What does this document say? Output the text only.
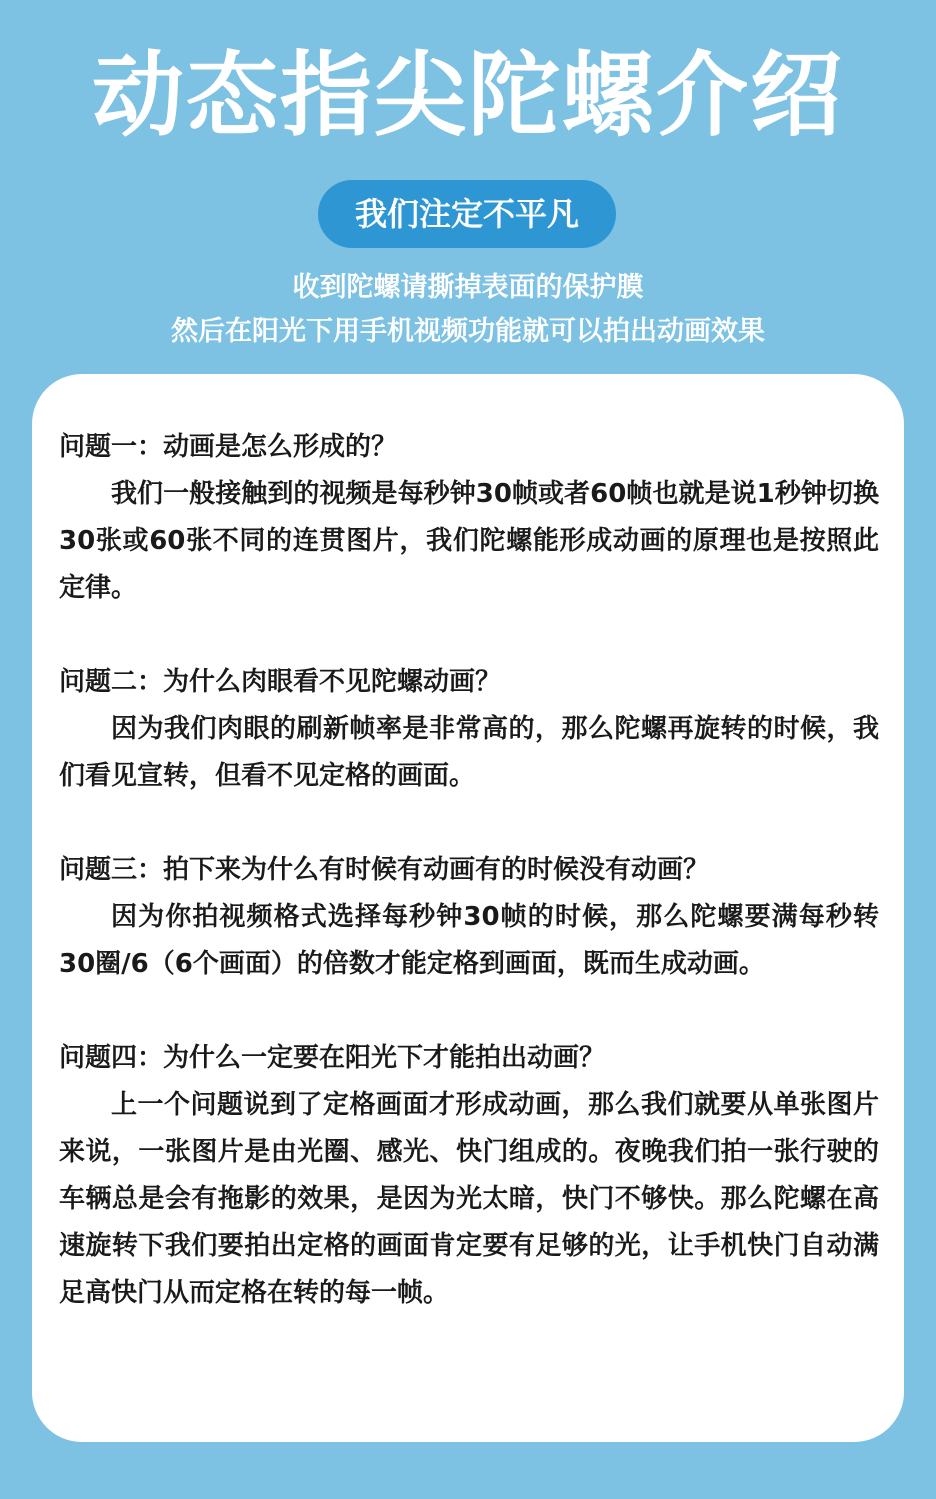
动态指尖陀螺介绍
我们注定不平凡
收到陀螺请撕掉表面的保护膜
然后在阳光下用手机视频功能就可以拍出动画效果

问题一：动画是怎么形成的？

我们一般接触到的视频是每秒钟30帧或者60帧也就是说1秒钟切换30张或60张不同的连贯图片，我们陀螺能形成动画的原理也是按照此定律。

问题二：为什么肉眼看不见陀螺动画？

因为我们肉眼的刷新帧率是非常高的，那么陀螺再旋转的时候，我们看见宣转，但看不见定格的画面。

问题三：拍下来为什么有时候有动画有的时候没有动画？

因为你拍视频格式选择每秒钟30帧的时候，那么陀螺要满每秒转30圈/6（6个画面）的倍数才能定格到画面，既而生成动画。

问题四：为什么一定要在阳光下才能拍出动画？

上一个问题说到了定格画面才形成动画，那么我们就要从单张图片来说，一张图片是由光圈、感光、快门组成的。夜晚我们拍一张行驶的车辆总是会有拖影的效果，是因为光太暗，快门不够快。那么陀螺在高速旋转下我们要拍出定格的画面肯定要有足够的光，让手机快门自动满足高快门从而定格在转的每一帧。
